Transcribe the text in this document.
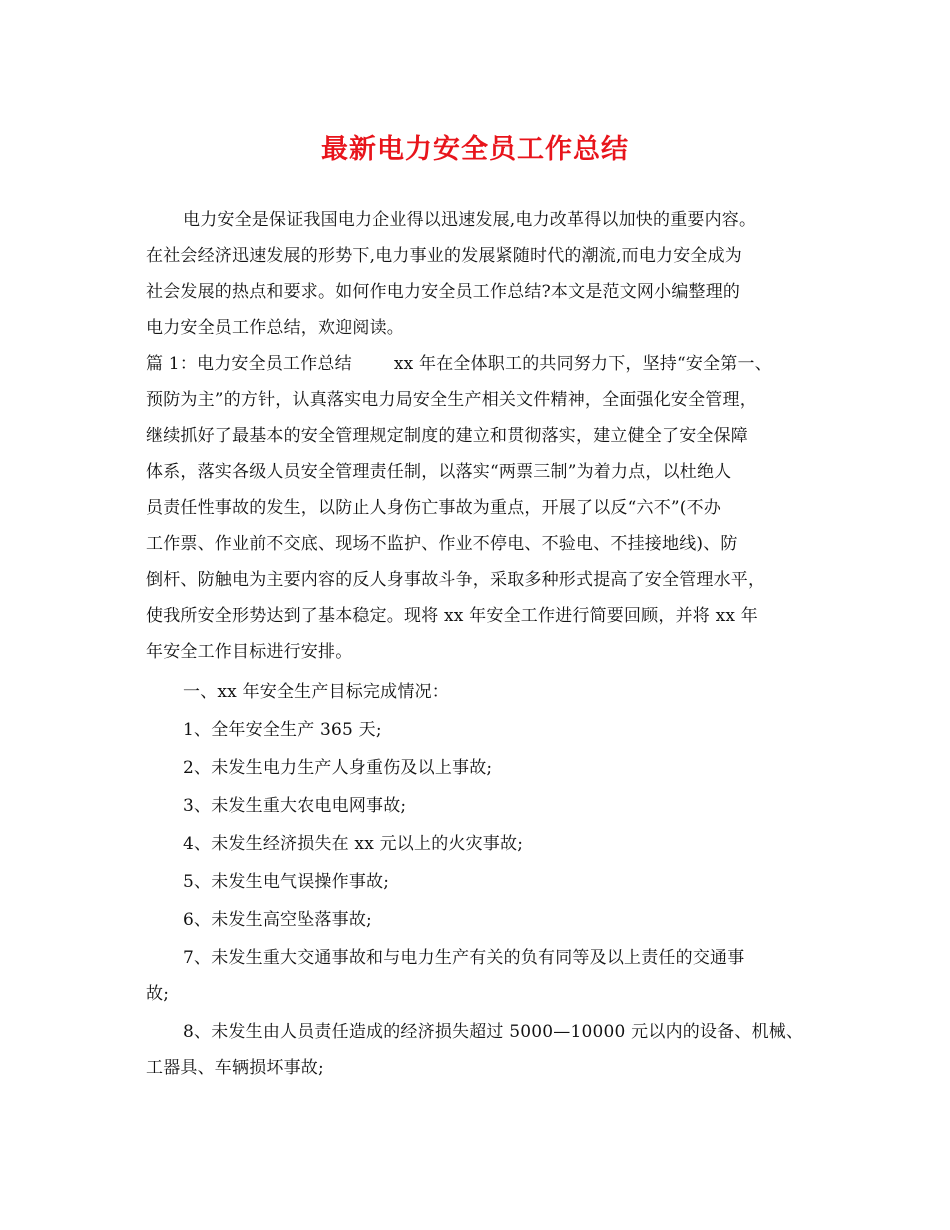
最新电力安全员工作总结
电力安全是保证我国电力企业得以迅速发展,电力改革得以加快的重要内容。
在社会经济迅速发展的形势下,电力事业的发展紧随时代的潮流,而电力安全成为
社会发展的热点和要求。如何作电力安全员工作总结?本文是范文网小编整理的
电力安全员工作总结，欢迎阅读。
篇 1：电力安全员工作总结 xx 年在全体职工的共同努力下，坚持“安全第一、
预防为主”的方针，认真落实电力局安全生产相关文件精神，全面强化安全管理，
继续抓好了最基本的安全管理规定制度的建立和贯彻落实，建立健全了安全保障
体系，落实各级人员安全管理责任制，以落实“两票三制”为着力点，以杜绝人
员责任性事故的发生，以防止人身伤亡事故为重点，开展了以反“六不”(不办
工作票、作业前不交底、现场不监护、作业不停电、不验电、不挂接地线)、防
倒杆、防触电为主要内容的反人身事故斗争，采取多种形式提高了安全管理水平，
使我所安全形势达到了基本稳定。现将 xx 年安全工作进行简要回顾，并将 xx 年
年安全工作目标进行安排。
一、xx 年安全生产目标完成情况：
1、全年安全生产 365 天;
2、未发生电力生产人身重伤及以上事故;
3、未发生重大农电电网事故;
4、未发生经济损失在 xx 元以上的火灾事故;
5、未发生电气误操作事故;
6、未发生高空坠落事故;
7、未发生重大交通事故和与电力生产有关的负有同等及以上责任的交通事
故;
8、未发生由人员责任造成的经济损失超过 5000—10000 元以内的设备、机械、
工器具、车辆损坏事故;
